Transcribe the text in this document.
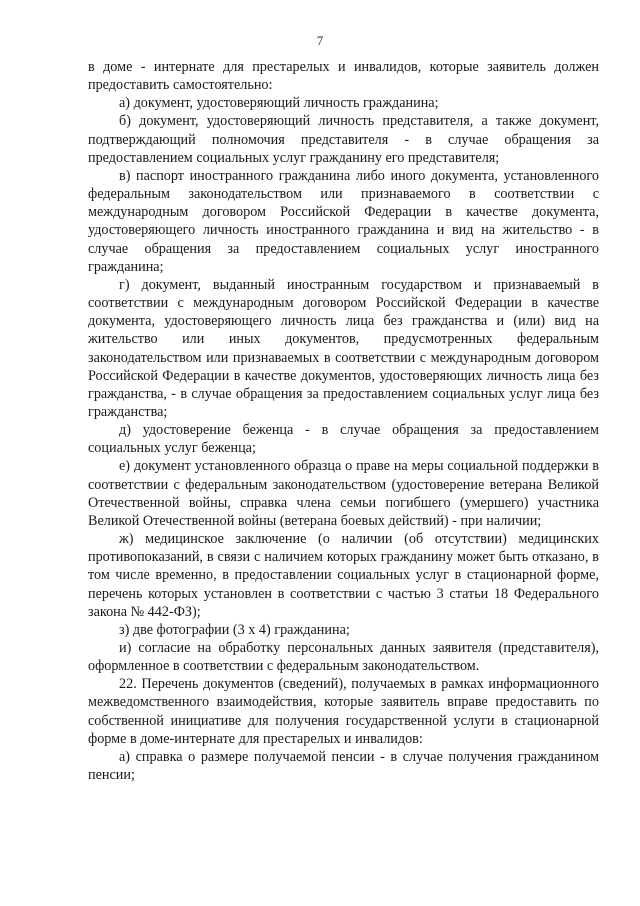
7

в доме - интернате для престарелых и инвалидов, которые заявитель должен предоставить самостоятельно:

а) документ, удостоверяющий личность гражданина;

б) документ, удостоверяющий личность представителя, а также документ, подтверждающий полномочия представителя - в случае обращения за предоставлением социальных услуг гражданину его представителя;

в) паспорт иностранного гражданина либо иного документа, установленного федеральным законодательством или признаваемого в соответствии с международным договором Российской Федерации в качестве документа, удостоверяющего личность иностранного гражданина и вид на жительство - в случае обращения за предоставлением социальных услуг иностранного гражданина;

г) документ, выданный иностранным государством и признаваемый в соответствии с международным договором Российской Федерации в качестве документа, удостоверяющего личность лица без гражданства и (или) вид на жительство или иных документов, предусмотренных федеральным законодательством или признаваемых в соответствии с международным договором Российской Федерации в качестве документов, удостоверяющих личность лица без гражданства, - в случае обращения за предоставлением социальных услуг лица без гражданства;

д) удостоверение беженца - в случае обращения за предоставлением социальных услуг беженца;

е) документ установленного образца о праве на меры социальной поддержки в соответствии с федеральным законодательством (удостоверение ветерана Великой Отечественной войны, справка члена семьи погибшего (умершего) участника Великой Отечественной войны (ветерана боевых действий) - при наличии;

ж) медицинское заключение (о наличии (об отсутствии) медицинских противопоказаний, в связи с наличием которых гражданину может быть отказано, в том числе временно, в предоставлении социальных услуг в стационарной форме, перечень которых установлен в соответствии с частью 3 статьи 18 Федерального закона № 442-ФЗ);

з) две фотографии (3 х 4) гражданина;

и) согласие на обработку персональных данных заявителя (представителя), оформленное в соответствии с федеральным законодательством.

22. Перечень документов (сведений), получаемых в рамках информационного межведомственного взаимодействия, которые заявитель вправе предоставить по собственной инициативе для получения государственной услуги в стационарной форме в доме-интернате для престарелых и инвалидов:

а) справка о размере получаемой пенсии - в случае получения гражданином пенсии;
